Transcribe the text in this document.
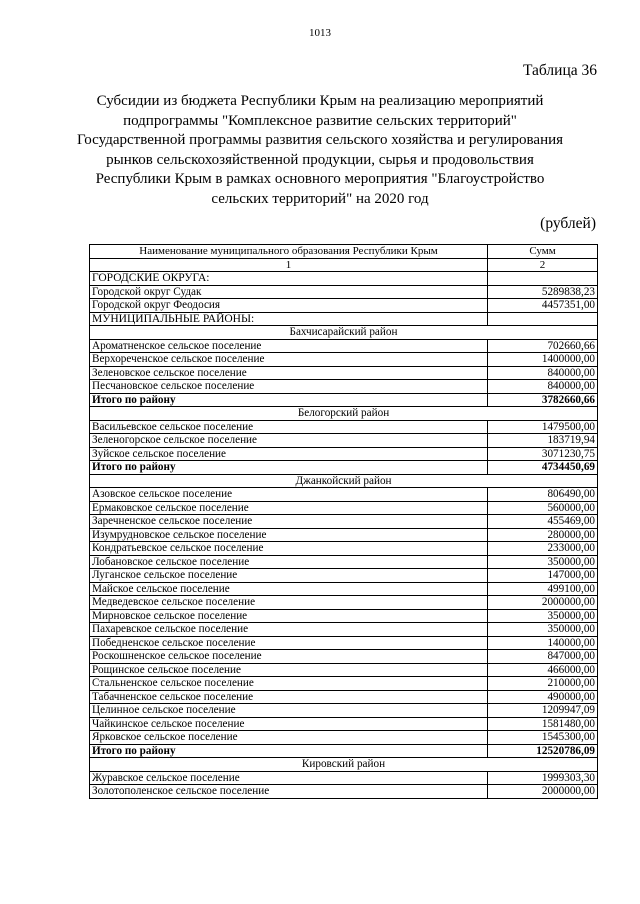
1013
Таблица 36
Субсидии из бюджета Республики Крым на реализацию мероприятий
подпрограммы "Комплексное развитие сельских территорий"
Государственной программы развития сельского хозяйства и регулирования
рынков сельскохозяйственной продукции, сырья и продовольствия
Республики Крым в рамках основного мероприятия "Благоустройство
сельских территорий" на 2020 год
(рублей)
Наименование муниципального образования Республики Крым	Сумм
1	2
ГОРОДСКИЕ ОКРУГА:	
Городской округ Судак	5289838,23
Городской округ Феодосия	4457351,00
МУНИЦИПАЛЬНЫЕ РАЙОНЫ:	
Бахчисарайский район	
Ароматненское сельское поселение	702660,66
Верхореченское сельское поселение	1400000,00
Зеленовское сельское поселение	840000,00
Песчановское сельское поселение	840000,00
Итого по району	3782660,66
Белогорский район	
Васильевское сельское поселение	1479500,00
Зеленогорское сельское поселение	183719,94
Зуйское сельское поселение	3071230,75
Итого по району	4734450,69
Джанкойский район	
Азовское сельское поселение	806490,00
Ермаковское сельское поселение	560000,00
Заречненское сельское поселение	455469,00
Изумрудновское сельское поселение	280000,00
Кондратьевское сельское поселение	233000,00
Лобановское сельское поселение	350000,00
Луганское сельское поселение	147000,00
Майское сельское поселение	499100,00
Медведевское сельское поселение	2000000,00
Мирновское сельское поселение	350000,00
Пахаревское сельское поселение	350000,00
Победненское сельское поселение	140000,00
Роскошненское сельское поселение	847000,00
Рощинское сельское поселение	466000,00
Стальненское сельское поселение	210000,00
Табачненское сельское поселение	490000,00
Целинное сельское поселение	1209947,09
Чайкинское сельское поселение	1581480,00
Ярковское сельское поселение	1545300,00
Итого по району	12520786,09
Кировский район	
Журавское сельское поселение	1999303,30
Золотополенское сельское поселение	2000000,00
